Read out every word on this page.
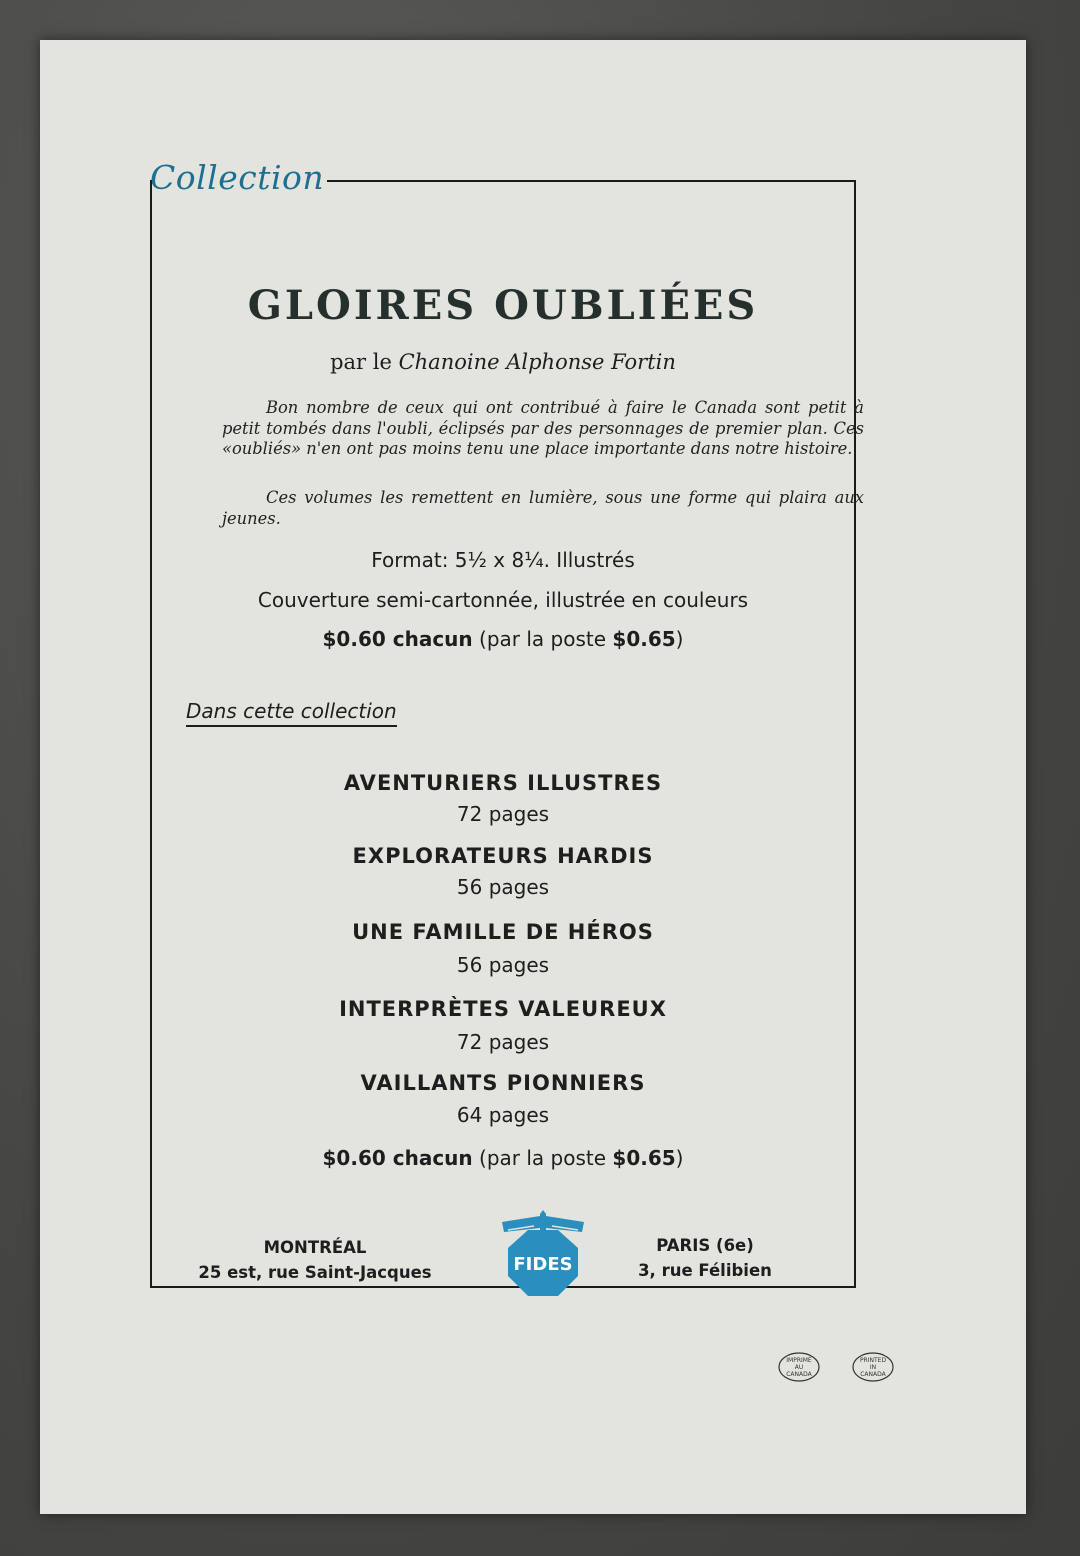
Collection
GLOIRES OUBLIÉES
par le Chanoine Alphonse Fortin

Bon nombre de ceux qui ont contribué à faire le Canada sont petit à petit tombés dans l'oubli, éclipsés par des personnages de premier plan. Ces «oubliés» n'en ont pas moins tenu une place importante dans notre histoire.

Ces volumes les remettent en lumière, sous une forme qui plaira aux jeunes.

Format: 5½ x 8¼. Illustrés
Couverture semi-cartonnée, illustrée en couleurs
$0.60 chacun (par la poste $0.65)
Dans cette collection
AVENTURIERS ILLUSTRES
72 pages
EXPLORATEURS HARDIS
56 pages
UNE FAMILLE DE HÉROS
56 pages
INTERPRÈTES VALEUREUX
72 pages
VAILLANTS PIONNIERS
64 pages
$0.60 chacun (par la poste $0.65)
MONTRÉAL
25 est, rue Saint-Jacques	FIDES
PARIS (6e)
3, rue Félibien
IMPRIMÉ
AU
CANADA
PRINTED
IN
CANADA
